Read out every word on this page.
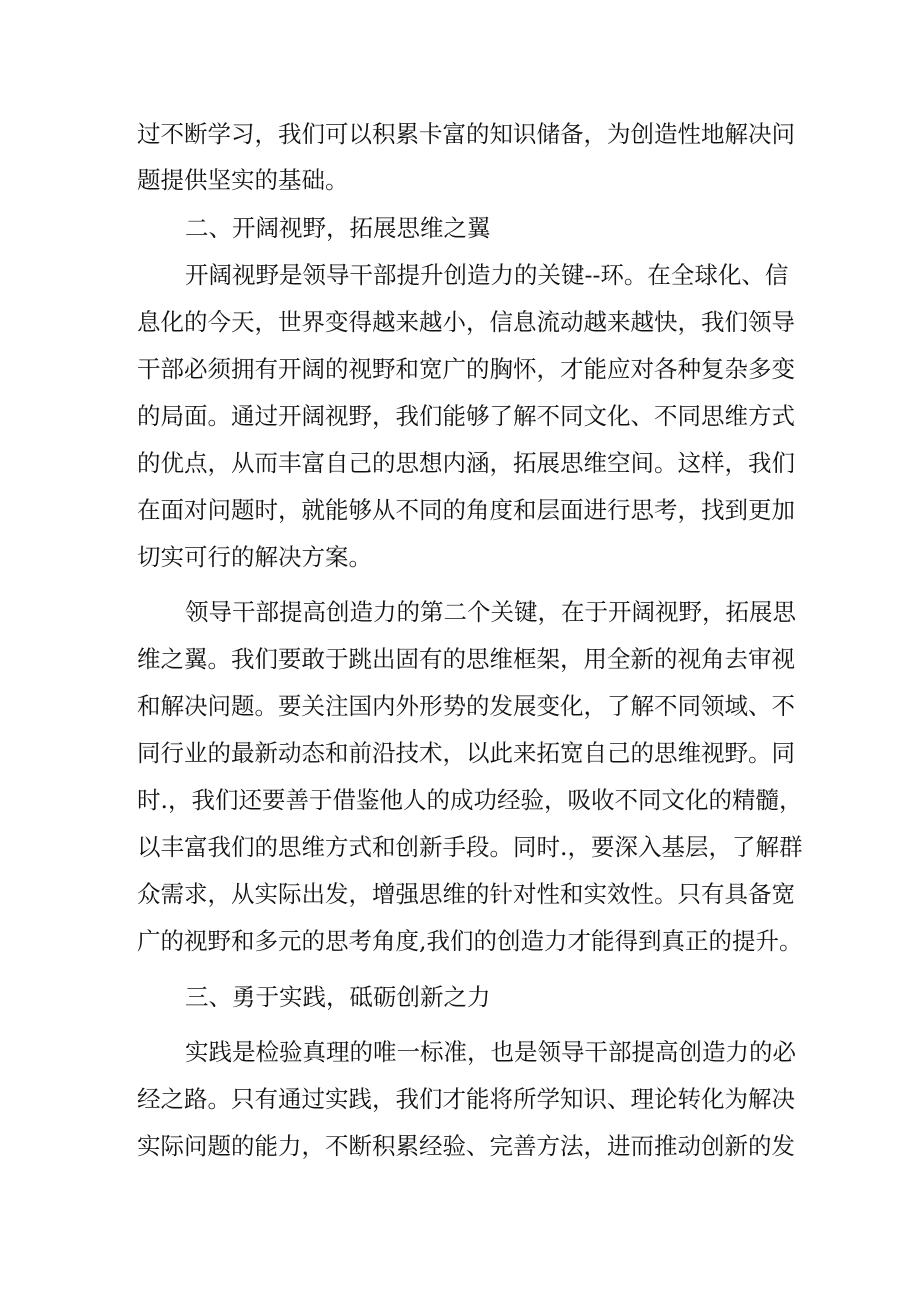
过不断学习，我们可以积累卡富的知识储备，为创造性地解决问

题提供坚实的基础。

二、开阔视野，拓展思维之翼

开阔视野是领导干部提升创造力的关键--环。在全球化、信

息化的今天，世界变得越来越小，信息流动越来越快，我们领导

干部必须拥有开阔的视野和宽广的胸怀，才能应对各种复杂多变

的局面。通过开阔视野，我们能够了解不同文化、不同思维方式

的优点，从而丰富自己的思想内涵，拓展思维空间。这样，我们

在面对问题时，就能够从不同的角度和层面进行思考，找到更加

切实可行的解决方案。

领导干部提高创造力的第二个关键，在于开阔视野，拓展思

维之翼。我们要敢于跳出固有的思维框架，用全新的视角去审视

和解决问题。要关注国内外形势的发展变化，了解不同领域、不

同行业的最新动态和前沿技术，以此来拓宽自己的思维视野。同

时.，我们还要善于借鉴他人的成功经验，吸收不同文化的精髓，

以丰富我们的思维方式和创新手段。同时.，要深入基层，了解群

众需求，从实际出发，增强思维的针对性和实效性。只有具备宽

广的视野和多元的思考角度,我们的创造力才能得到真正的提升。

三、勇于实践，砥砺创新之力

实践是检验真理的唯一标准，也是领导干部提高创造力的必

经之路。只有通过实践，我们才能将所学知识、理论转化为解决

实际问题的能力，不断积累经验、完善方法，进而推动创新的发
